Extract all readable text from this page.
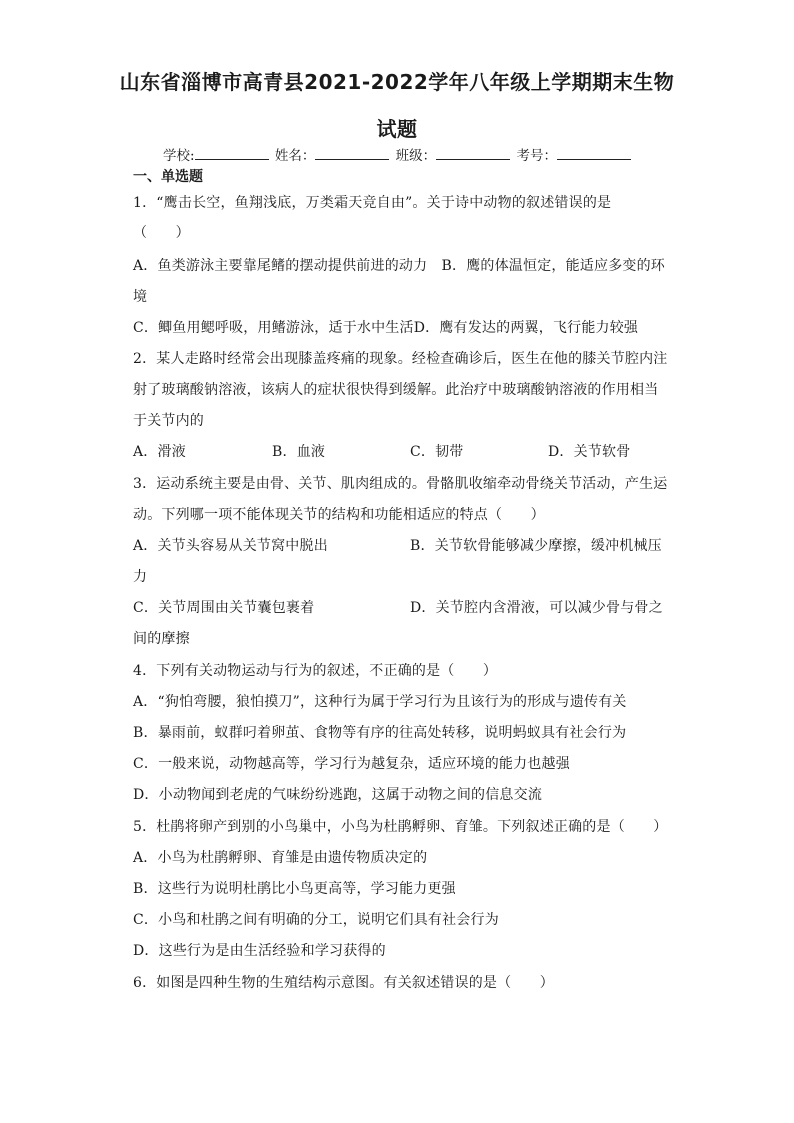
山东省淄博市高青县2021-2022学年八年级上学期期末生物
试题
学校:	姓名：	班级：	考号：
一、单选题
1．“鹰击长空，鱼翔浅底，万类霜天竞自由”。关于诗中动物的叙述错误的是
（　　）
A．鱼类游泳主要靠尾鳍的摆动提供前进的动力　B．鹰的体温恒定，能适应多变的环
境
C．鲫鱼用鳃呼吸，用鳍游泳，适于水中生活D．鹰有发达的两翼，飞行能力较强
2．某人走路时经常会出现膝盖疼痛的现象。经检查确诊后，医生在他的膝关节腔内注
射了玻璃酸钠溶液，该病人的症状很快得到缓解。此治疗中玻璃酸钠溶液的作用相当
于关节内的
A．滑液	B．血液	C．韧带	D．关节软骨
3．运动系统主要是由骨、关节、肌肉组成的。骨骼肌收缩牵动骨绕关节活动，产生运
动。下列哪一项不能体现关节的结构和功能相适应的特点（　　）
A．关节头容易从关节窝中脱出	B．关节软骨能够减少摩擦，缓冲机械压
力
C．关节周围由关节囊包裹着	D．关节腔内含滑液，可以减少骨与骨之
间的摩擦
4．下列有关动物运动与行为的叙述，不正确的是（　　）
A．“狗怕弯腰，狼怕摸刀”，这种行为属于学习行为且该行为的形成与遗传有关
B．暴雨前，蚁群叼着卵茧、食物等有序的往高处转移，说明蚂蚁具有社会行为
C．一般来说，动物越高等，学习行为越复杂，适应环境的能力也越强
D．小动物闻到老虎的气味纷纷逃跑，这属于动物之间的信息交流
5．杜鹃将卵产到别的小鸟巢中，小鸟为杜鹃孵卵、育雏。下列叙述正确的是（　　）
A．小鸟为杜鹃孵卵、育雏是由遗传物质决定的
B．这些行为说明杜鹃比小鸟更高等，学习能力更强
C．小鸟和杜鹃之间有明确的分工，说明它们具有社会行为
D．这些行为是由生活经验和学习获得的
6．如图是四种生物的生殖结构示意图。有关叙述错误的是（　　）
